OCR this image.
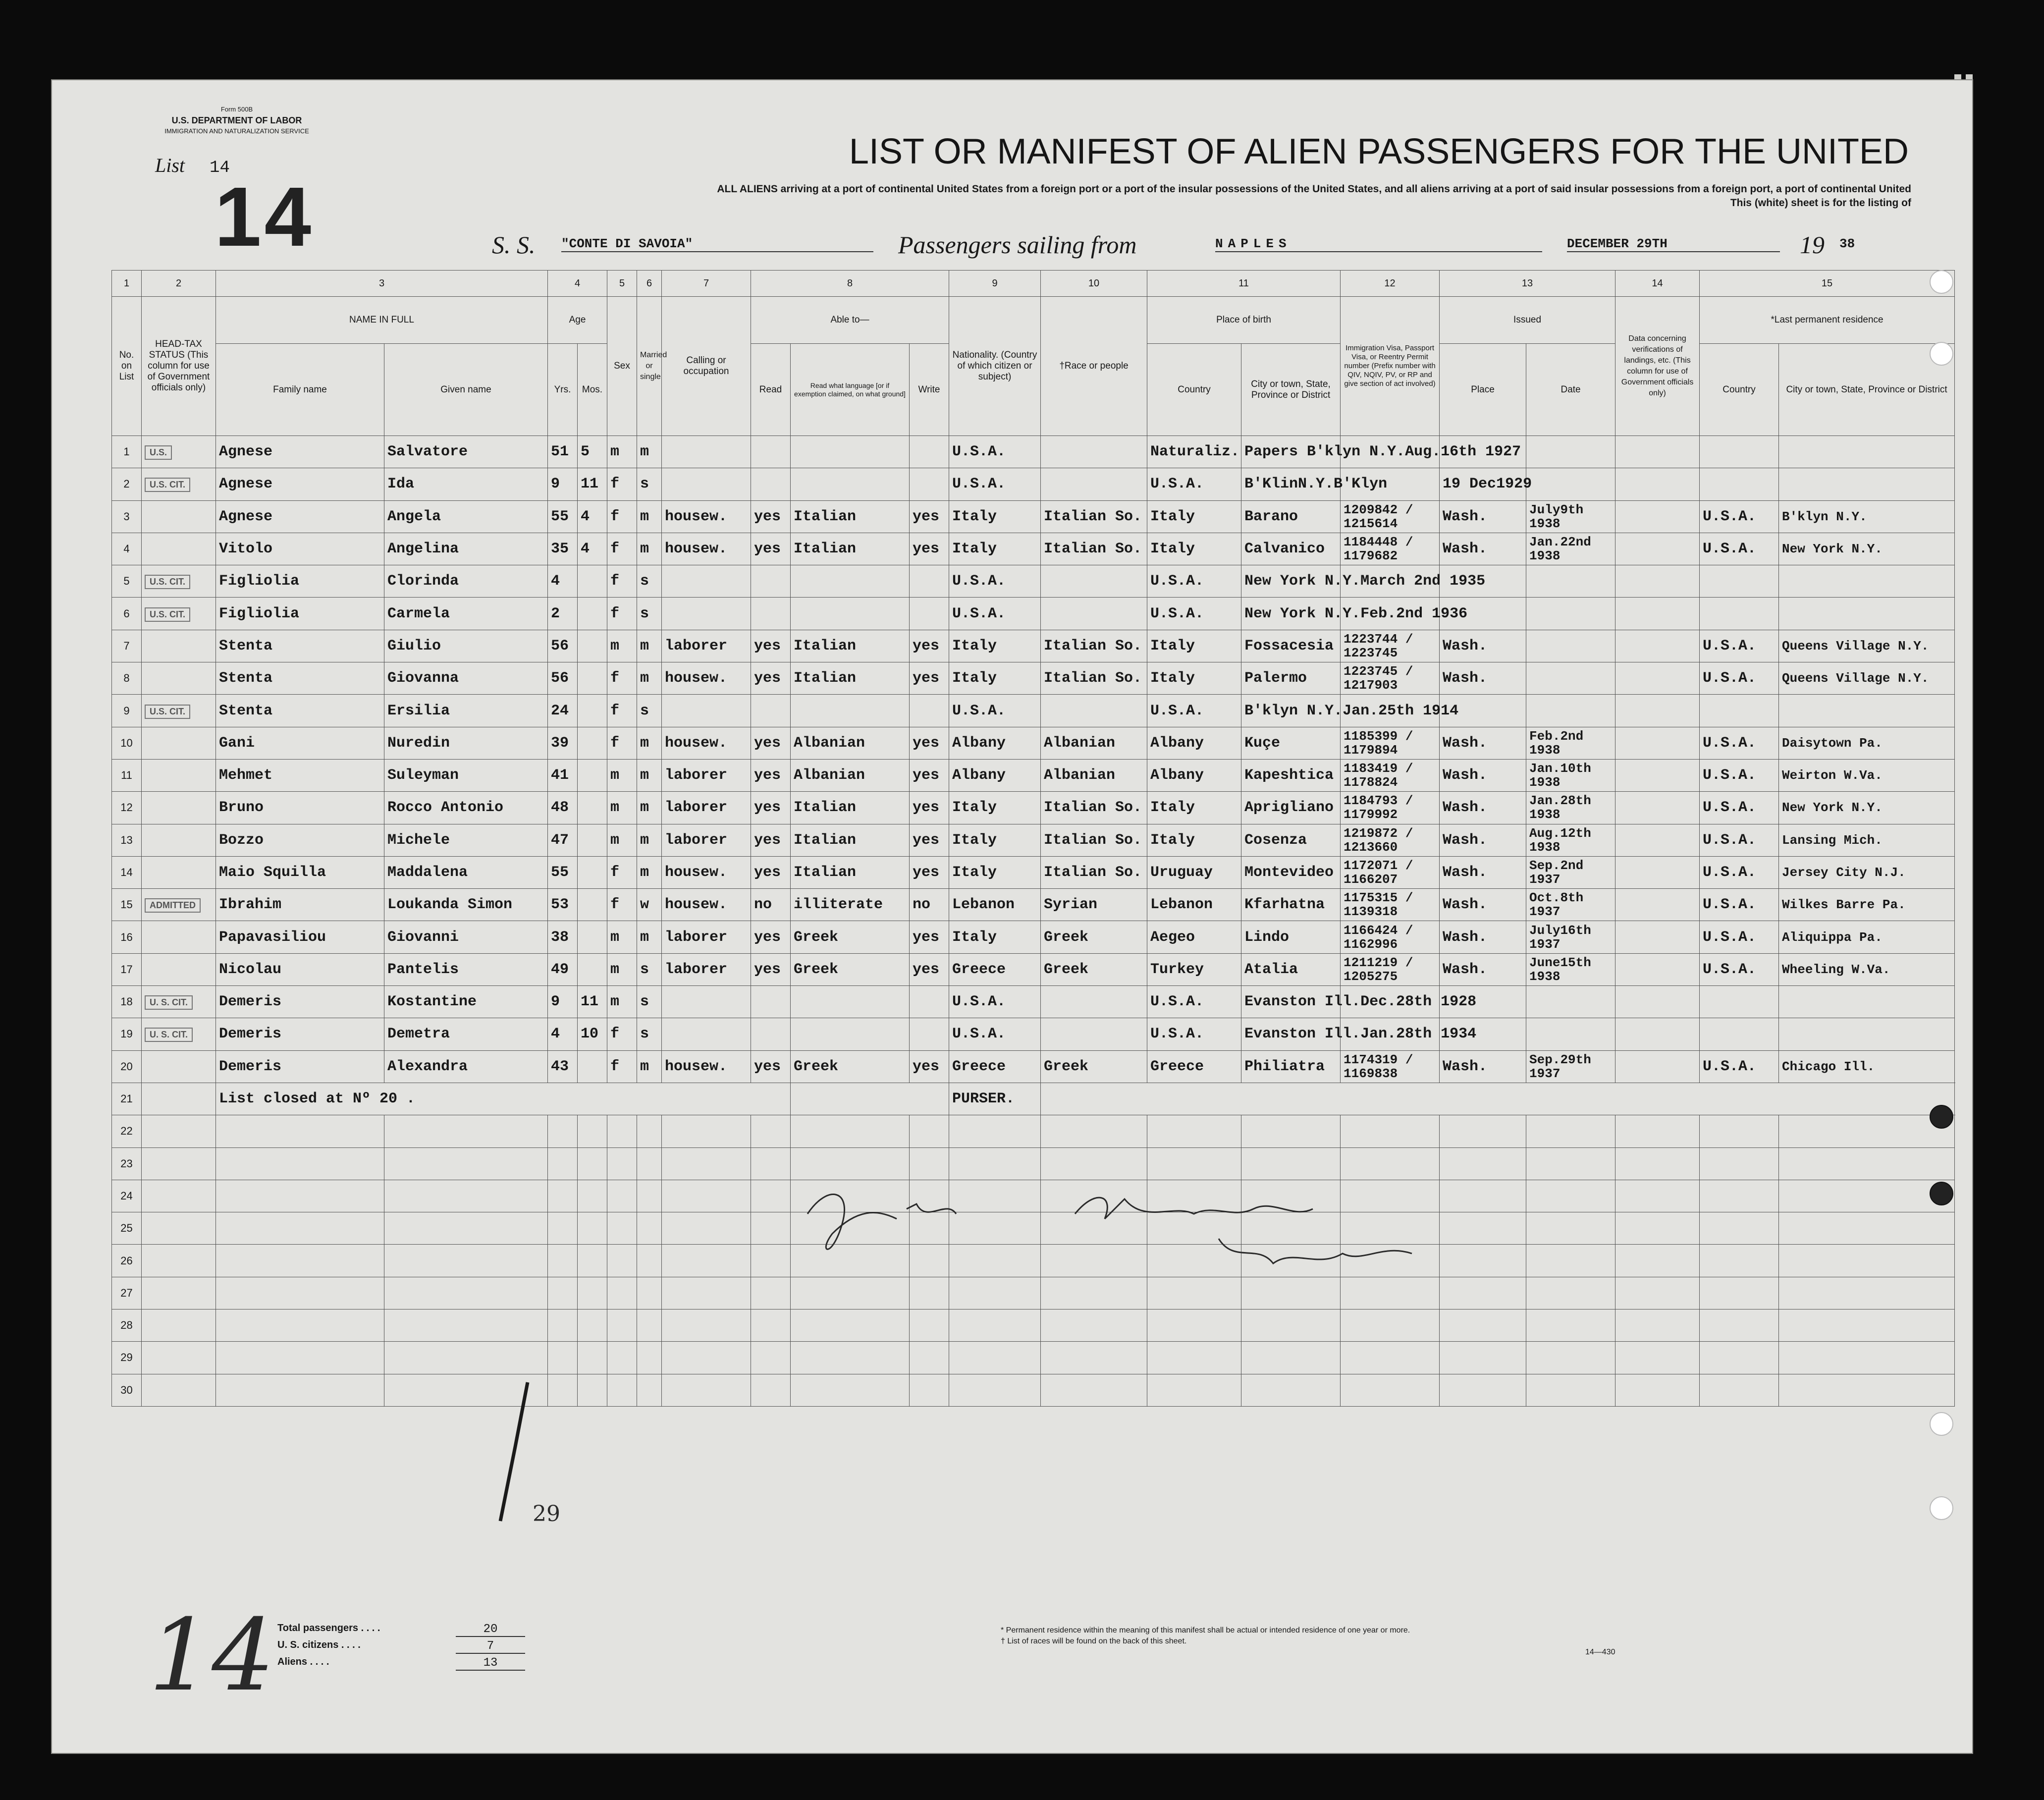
Form 500B
U.S. DEPARTMENT OF LABOR
IMMIGRATION AND NATURALIZATION SERVICE
List 14
14
LIST OR MANIFEST OF ALIEN PASSENGERS FOR THE UNITED
ALL ALIENS arriving at a port of continental United States from a foreign port or a port of the insular possessions of the United States, and all aliens arriving at a port of said insular possessions from a foreign port, a port of continental United
This (white) sheet is for the listing of
S. S. "CONTE DI SAVOIA"	Passengers sailing from	NAPLES	DECEMBER 29TH	19 38
1	2	3		4		5	6	7	8			9	10	11		12	13		14	15	
No. on List	HEAD-TAX STATUS (This column for use of Government officials only)	NAME IN FULL		Age		Sex	Married or single	Calling or occupation	Able to—			Nationality. (Country of which citizen or subject)	†Race or people	Place of birth		Immigration Visa, Passport Visa, or Reentry Permit number (Prefix number with QIV, NQIV, PV, or RP and give section of act involved)	Issued		Data concerning verifications of landings, etc. (This column for use of Government officials only)	*Last permanent residence	
		Family name	Given name	Yrs.	Mos.				Read	Read what language [or if exemption claimed, on what ground]	Write			Country	City or town, State, Province or District		Place	Date		Country	City or town, State, Province or District
1	U.S.	Agnese	Salvatore	51	5	m	m					U.S.A.		Naturaliz.	Papers B'klyn N.Y.Aug.16th 1927						
2	U.S. CIT.	Agnese	Ida	9	11	f	s					U.S.A.		U.S.A.	B'KlinN.Y.B'Klyn		19 Dec1929				
3		Agnese	Angela	55	4	f	m	housew.	yes	Italian	yes	Italy	Italian So.	Italy	Barano	1209842 / 1215614	Wash.	July9th 1938		U.S.A.	B'klyn N.Y.
4		Vitolo	Angelina	35	4	f	m	housew.	yes	Italian	yes	Italy	Italian So.	Italy	Calvanico	1184448 / 1179682	Wash.	Jan.22nd 1938		U.S.A.	New York N.Y.
5	U.S. CIT.	Figliolia	Clorinda	4		f	s					U.S.A.		U.S.A.	New York N.Y.March 2nd 1935						
6	U.S. CIT.	Figliolia	Carmela	2		f	s					U.S.A.		U.S.A.	New York N.Y.Feb.2nd 1936						
7		Stenta	Giulio	56		m	m	laborer	yes	Italian	yes	Italy	Italian So.	Italy	Fossacesia	1223744 / 1223745	Wash.			U.S.A.	Queens Village N.Y.
8		Stenta	Giovanna	56		f	m	housew.	yes	Italian	yes	Italy	Italian So.	Italy	Palermo	1223745 / 1217903	Wash.			U.S.A.	Queens Village N.Y.
9	U.S. CIT.	Stenta	Ersilia	24		f	s					U.S.A.		U.S.A.	B'klyn N.Y.Jan.25th 1914						
10		Gani	Nuredin	39		f	m	housew.	yes	Albanian	yes	Albany	Albanian	Albany	Kuçe	1185399 / 1179894	Wash.	Feb.2nd 1938		U.S.A.	Daisytown Pa.
11		Mehmet	Suleyman	41		m	m	laborer	yes	Albanian	yes	Albany	Albanian	Albany	Kapeshtica	1183419 / 1178824	Wash.	Jan.10th 1938		U.S.A.	Weirton W.Va.
12		Bruno	Rocco Antonio	48		m	m	laborer	yes	Italian	yes	Italy	Italian So.	Italy	Aprigliano	1184793 / 1179992	Wash.	Jan.28th 1938		U.S.A.	New York N.Y.
13		Bozzo	Michele	47		m	m	laborer	yes	Italian	yes	Italy	Italian So.	Italy	Cosenza	1219872 / 1213660	Wash.	Aug.12th 1938		U.S.A.	Lansing Mich.
14		Maio Squilla	Maddalena	55		f	m	housew.	yes	Italian	yes	Italy	Italian So.	Uruguay	Montevideo	1172071 / 1166207	Wash.	Sep.2nd 1937		U.S.A.	Jersey City N.J.
15	ADMITTED	Ibrahim	Loukanda Simon	53		f	w	housew.	no	illiterate	no	Lebanon	Syrian	Lebanon	Kfarhatna	1175315 / 1139318	Wash.	Oct.8th 1937		U.S.A.	Wilkes Barre Pa.
16		Papavasiliou	Giovanni	38		m	m	laborer	yes	Greek	yes	Italy	Greek	Aegeo	Lindo	1166424 / 1162996	Wash.	July16th 1937		U.S.A.	Aliquippa Pa.
17		Nicolau	Pantelis	49		m	s	laborer	yes	Greek	yes	Greece	Greek	Turkey	Atalia	1211219 / 1205275	Wash.	June15th 1938		U.S.A.	Wheeling W.Va.
18	U. S. CIT.	Demeris	Kostantine	9	11	m	s					U.S.A.		U.S.A.	Evanston Ill.Dec.28th 1928						
19	U. S. CIT.	Demeris	Demetra	4	10	f	s					U.S.A.		U.S.A.	Evanston Ill.Jan.28th 1934						
20		Demeris	Alexandra	43		f	m	housew.	yes	Greek	yes	Greece	Greek	Greece	Philiatra	1174319 / 1169838	Wash.	Sep.29th 1937		U.S.A.	Chicago Ill.
21		List closed at Nº 20 .										PURSER.									
22																					
23																					
24																					
25																					
26																					
27																					
28																					
29																					
30																					
Total passengers . . . .	20
U. S. citizens . . . .	7
Aliens . . . .	13
* Permanent residence within the meaning of this manifest shall be actual or intended residence of one year or more.
† List of races will be found on the back of this sheet.
14—430
14
29
